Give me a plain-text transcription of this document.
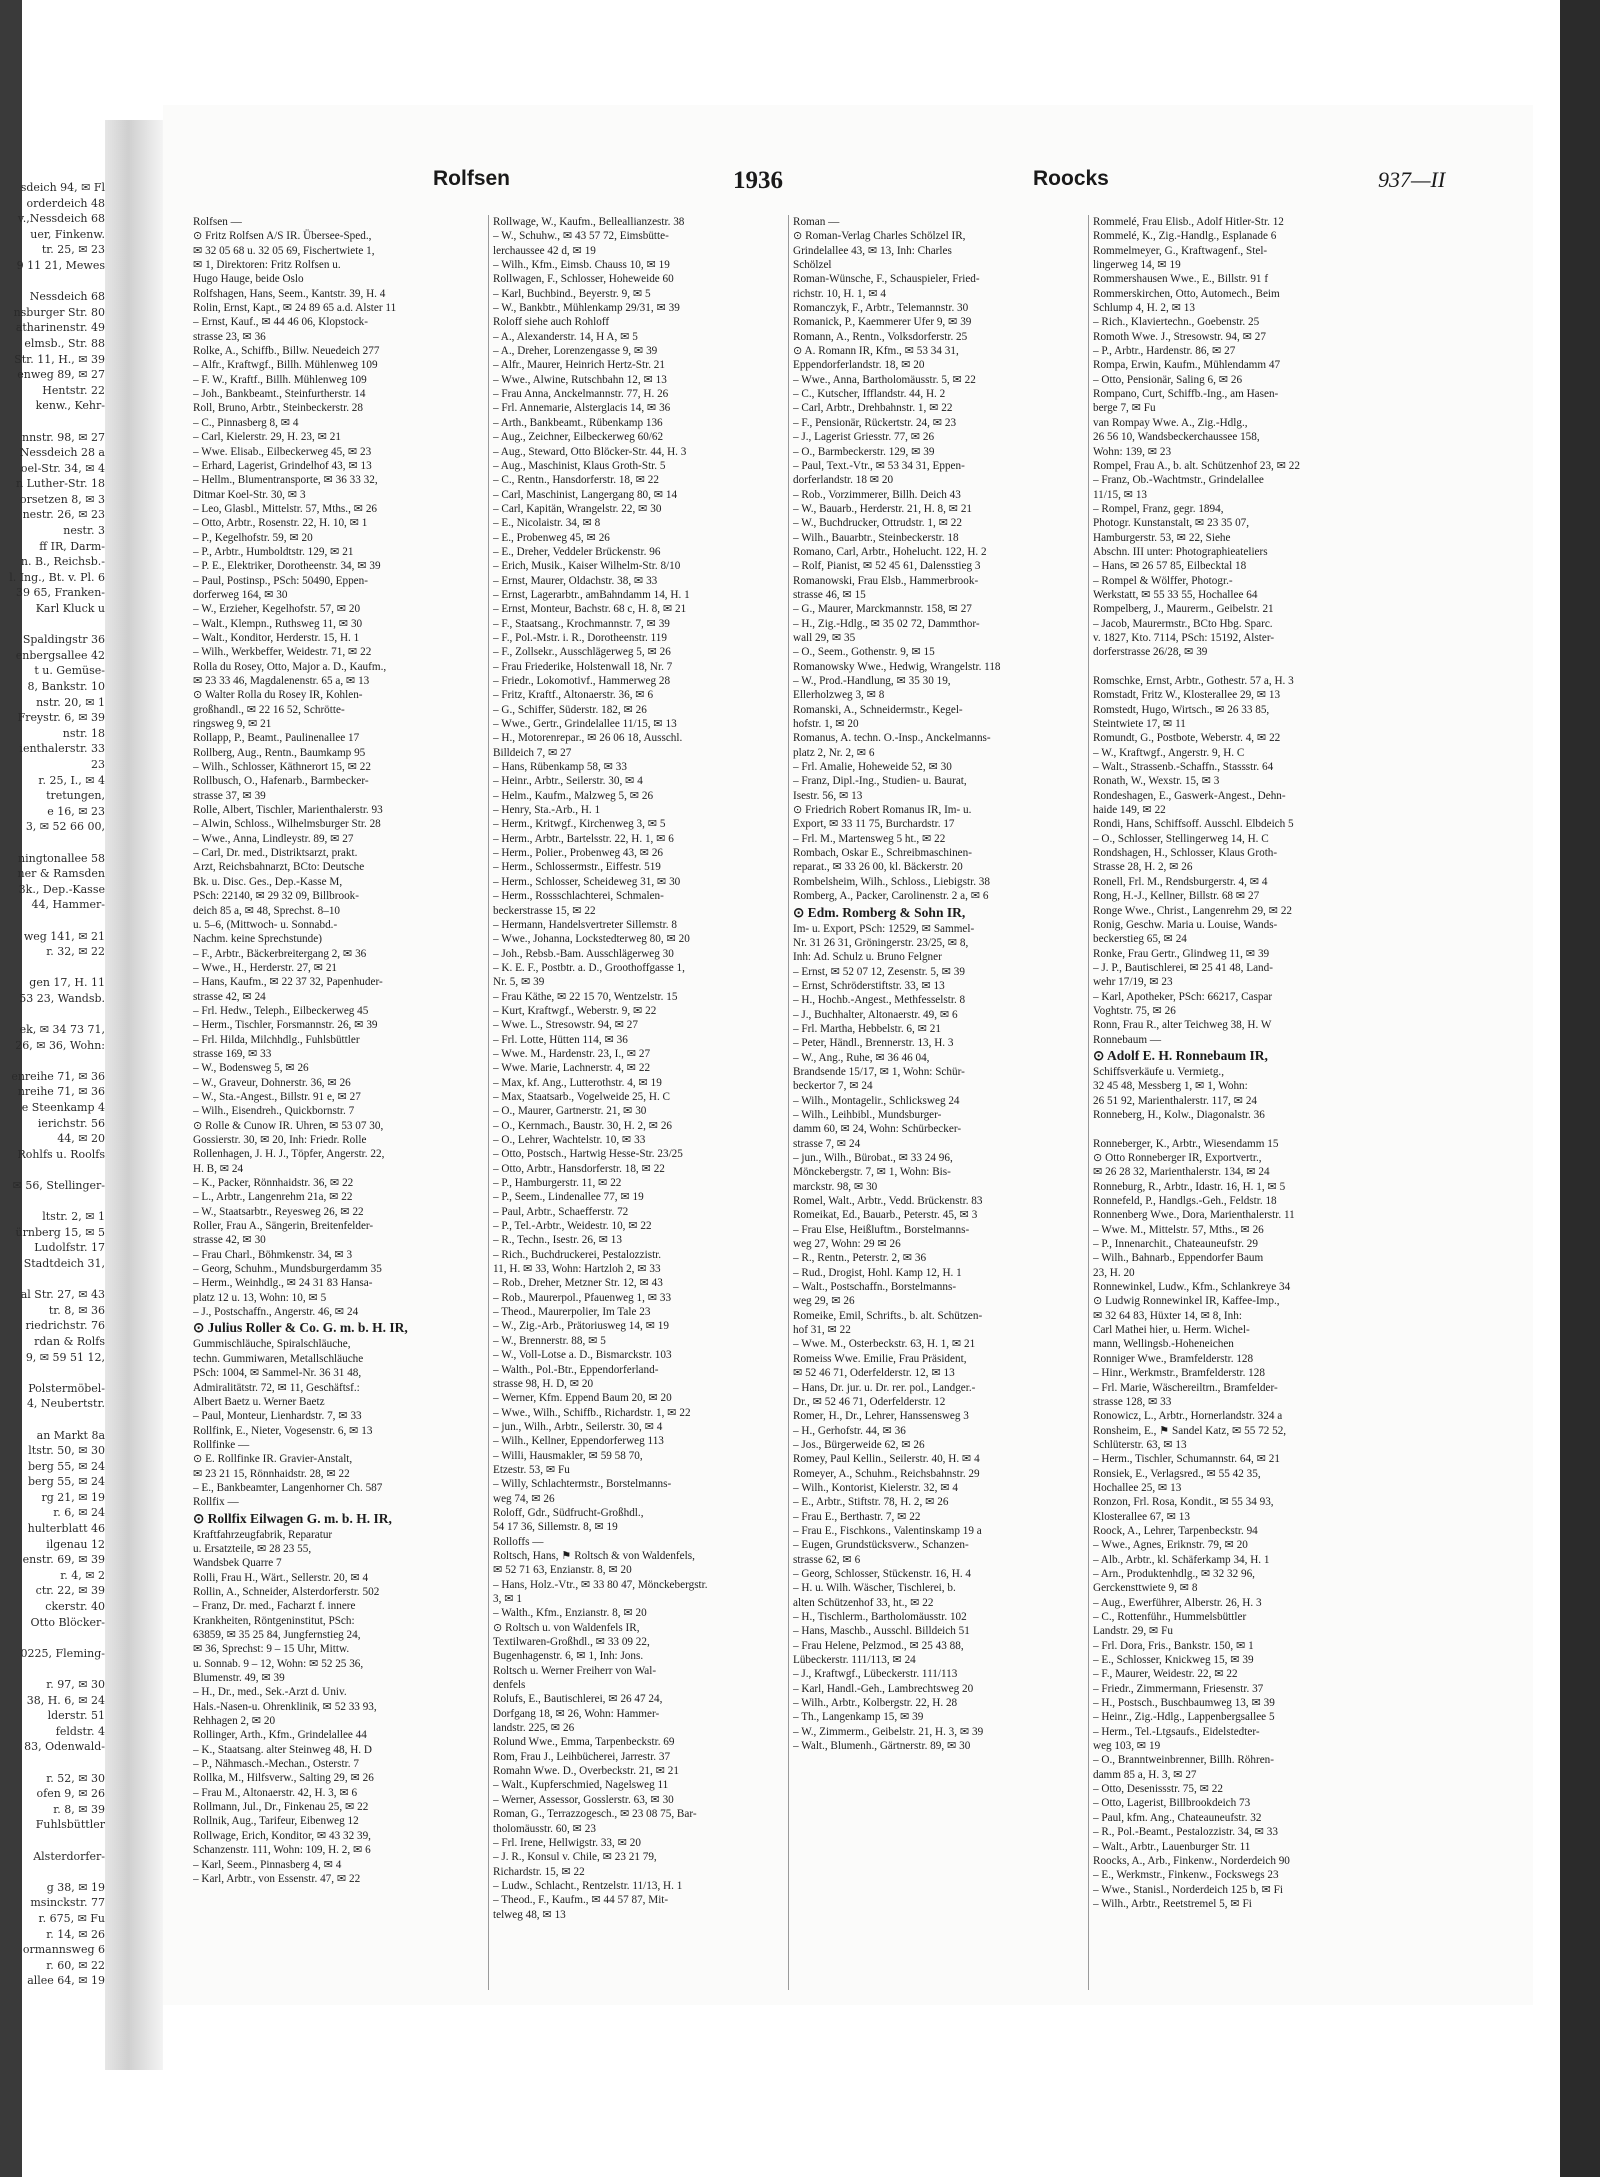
sdeich 94, ✉ Fl
orderdeich 48
v.,Nessdeich 68
uer, Finkenw.
tr. 25, ✉ 23
9 11 21, Mewes

Nessdeich 68
nsburger Str. 80
atharinenstr. 49
elmsb., Str. 88
Str. 11, H., ✉ 39
enweg 89, ✉ 27
Hentstr. 22
kenw., Kehr-

nnstr. 98, ✉ 27
Nessdeich 28 a
oel-Str. 34, ✉ 4
n Luther-Str. 18
orsetzen 8, ✉ 3
nestr. 26, ✉ 23
nestr. 3
ff IR, Darm-
n. B., Reichsb.-
l. Ing., Bt. v. Pl. 6
39 65, Franken-
Karl Kluck u

Spaldingstr 36
enbergsallee 42
t u. Gemüse-
8, Bankstr. 10
nstr. 20, ✉ 1
Freystr. 6, ✉ 39
nstr. 18
ienthalerstr. 33
23
r. 25, I., ✉ 4
tretungen,
e 16, ✉ 23
3, ✉ 52 66 00,

ningtonallee 58
ner & Ramsden
3k., Dep.-Kasse
44, Hammer-

weg 141, ✉ 21
r. 32, ✉ 22

gen 17, H. 11
53 23, Wandsb.

ek, ✉ 34 73 71,
26, ✉ 36, Wohn:

enreihe 71, ✉ 36
nreihe 71, ✉ 36
e Steenkamp 4
ierichstr. 56
44, ✉ 20
Rohlfs u. Roolfs

✉ 56, Stellinger-

ltstr. 2, ✉ 1
ürnberg 15, ✉ 5
Ludolfstr. 17
Stadtdeich 31,

al Str. 27, ✉ 43
tr. 8, ✉ 36
riedrichstr. 76
rdan & Rolfs
9, ✉ 59 51 12,

Polstermöbel-
4, Neubertstr.

an Markt 8a
ltstr. 50, ✉ 30
berg 55, ✉ 24
berg 55, ✉ 24
rg 21, ✉ 19
r. 6, ✉ 24
hulterblatt 46
ilgenau 12
enstr. 69, ✉ 39
r. 4, ✉ 2
ctr. 22, ✉ 39
ckerstr. 40
Otto Blöcker-

0225, Fleming-

r. 97, ✉ 30
38, H. 6, ✉ 24
lderstr. 51
feldstr. 4
83, Odenwald-

r. 52, ✉ 30
ofen 9, ✉ 26
r. 8, ✉ 39
Fuhlsbüttler

Alsterdorfer-

g 38, ✉ 19
msinckstr. 77
r. 675, ✉ Fu
r. 14, ✉ 26
ormannsweg 6
r. 60, ✉ 22
allee 64, ✉ 19
Rolfsen	1936	Roocks	937—II
Rolfsen —
⊙ Fritz Rolfsen A/S IR. Übersee-Sped.,
✉ 32 05 68 u. 32 05 69, Fischertwiete 1,
✉ 1, Direktoren: Fritz Rolfsen u.
Hugo Hauge, beide Oslo
Rolfshagen, Hans, Seem., Kantstr. 39, H. 4
Rolin, Ernst, Kapt., ✉ 24 89 65 a.d. Alster 11
– Ernst, Kauf., ✉ 44 46 06, Klopstock-
strasse 23, ✉ 36
Rolke, A., Schiffb., Billw. Neuedeich 277
– Alfr., Kraftwgf., Billh. Mühlenweg 109
– F. W., Kraftf., Billh. Mühlenweg 109
– Joh., Bankbeamt., Steinfurtherstr. 14
Roll, Bruno, Arbtr., Steinbeckerstr. 28
– C., Pinnasberg 8, ✉ 4
– Carl, Kielerstr. 29, H. 23, ✉ 21
– Wwe. Elisab., Eilbeckerweg 45, ✉ 23
– Erhard, Lagerist, Grindelhof 43, ✉ 13
– Hellm., Blumentransporte, ✉ 36 33 32,
Ditmar Koel-Str. 30, ✉ 3
– Leo, Glasbl., Mittelstr. 57, Mths., ✉ 26
– Otto, Arbtr., Rosenstr. 22, H. 10, ✉ 1
– P., Kegelhofstr. 59, ✉ 20
– P., Arbtr., Humboldtstr. 129, ✉ 21
– P. E., Elektriker, Dorotheenstr. 34, ✉ 39
– Paul, Postinsp., PSch: 50490, Eppen-
dorferweg 164, ✉ 30
– W., Erzieher, Kegelhofstr. 57, ✉ 20
– Walt., Klempn., Ruthsweg 11, ✉ 30
– Walt., Konditor, Herderstr. 15, H. 1
– Wilh., Werkbeffer, Weidestr. 71, ✉ 22
Rolla du Rosey, Otto, Major a. D., Kaufm.,
✉ 23 33 46, Magdalenenstr. 65 a, ✉ 13
⊙ Walter Rolla du Rosey IR, Kohlen-
großhandl., ✉ 22 16 52, Schrötte-
ringsweg 9, ✉ 21
Rollapp, P., Beamt., Paulinenallee 17
Rollberg, Aug., Rentn., Baumkamp 95
– Wilh., Schlosser, Käthnerort 15, ✉ 22
Rollbusch, O., Hafenarb., Barmbecker-
strasse 37, ✉ 39
Rolle, Albert, Tischler, Marienthalerstr. 93
– Alwin, Schloss., Wilhelmsburger Str. 28
– Wwe., Anna, Lindleystr. 89, ✉ 27
– Carl, Dr. med., Distriktsarzt, prakt.
Arzt, Reichsbahnarzt, BCto: Deutsche
Bk. u. Disc. Ges., Dep.-Kasse M,
PSch: 22140, ✉ 29 32 09, Billbrook-
deich 85 a, ✉ 48, Sprechst. 8–10
u. 5–6, (Mittwoch- u. Sonnabd.-
Nachm. keine Sprechstunde)
– F., Arbtr., Bäckerbreitergang 2, ✉ 36
– Wwe., H., Herderstr. 27, ✉ 21
– Hans, Kaufm., ✉ 22 37 32, Papenhuder-
strasse 42, ✉ 24
– Frl. Hedw., Teleph., Eilbeckerweg 45
– Herm., Tischler, Forsmannstr. 26, ✉ 39
– Frl. Hilda, Milchhdlg., Fuhlsbüttler
strasse 169, ✉ 33
– W., Bodensweg 5, ✉ 26
– W., Graveur, Dohnerstr. 36, ✉ 26
– W., Sta.-Angest., Billstr. 91 e, ✉ 27
– Wilh., Eisendreh., Quickbornstr. 7
⊙ Rolle & Cunow IR. Uhren, ✉ 53 07 30,
Gossierstr. 30, ✉ 20, Inh: Friedr. Rolle
Rollenhagen, J. H. J., Töpfer, Angerstr. 22,
H. B, ✉ 24
– K., Packer, Rönnhaidstr. 36, ✉ 22
– L., Arbtr., Langenrehm 21a, ✉ 22
– W., Staatsarbtr., Reyesweg 26, ✉ 22
Roller, Frau A., Sängerin, Breitenfelder-
strasse 42, ✉ 30
– Frau Charl., Böhmkenstr. 34, ✉ 3
– Georg, Schuhm., Mundsburgerdamm 35
– Herm., Weinhdlg., ✉ 24 31 83 Hansa-
platz 12 u. 13, Wohn: 10, ✉ 5
– J., Postschaffn., Angerstr. 46, ✉ 24
⊙ Julius Roller & Co. G. m. b. H. IR,
Gummischläuche, Spiralschläuche,
techn. Gummiwaren, Metallschläuche
PSch: 1004, ✉ Sammel-Nr. 36 31 48,
Admiralitätstr. 72, ✉ 11, Geschäftsf.:
Albert Baetz u. Werner Baetz
– Paul, Monteur, Lienhardstr. 7, ✉ 33
Rollfink, E., Nieter, Vogesenstr. 6, ✉ 13
Rollfinke —
⊙ E. Rollfinke IR. Gravier-Anstalt,
✉ 23 21 15, Rönnhaidstr. 28, ✉ 22
– E., Bankbeamter, Langenhorner Ch. 587
Rollfix —
⊙ Rollfix Eilwagen G. m. b. H. IR,
Kraftfahrzeugfabrik, Reparatur
u. Ersatzteile, ✉ 28 23 55,
Wandsbek Quarre 7
Rolli, Frau H., Wärt., Sellerstr. 20, ✉ 4
Rollin, A., Schneider, Alsterdorferstr. 502
– Franz, Dr. med., Facharzt f. innere
Krankheiten, Röntgeninstitut, PSch:
63859, ✉ 35 25 84, Jungfernstieg 24,
✉ 36, Sprechst: 9 – 15 Uhr, Mittw.
u. Sonnab. 9 – 12, Wohn: ✉ 52 25 36,
Blumenstr. 49, ✉ 39
– H., Dr., med., Sek.-Arzt d. Univ.
Hals.-Nasen-u. Ohrenklinik, ✉ 52 33 93,
Rehhagen 2, ✉ 20
Rollinger, Arth., Kfm., Grindelallee 44
– K., Staatsang. alter Steinweg 48, H. D
– P., Nähmasch.-Mechan., Osterstr. 7
Rollka, M., Hilfsverw., Salting 29, ✉ 26
– Frau M., Altonaerstr. 42, H. 3, ✉ 6
Rollmann, Jul., Dr., Finkenau 25, ✉ 22
Rollnik, Aug., Tarifeur, Eibenweg 12
Rollwage, Erich, Konditor, ✉ 43 32 39,
Schanzenstr. 111, Wohn: 109, H. 2, ✉ 6
– Karl, Seem., Pinnasberg 4, ✉ 4
– Karl, Arbtr., von Essenstr. 47, ✉ 22
Rollwage, W., Kaufm., Belleallianzestr. 38
– W., Schuhw., ✉ 43 57 72, Eimsbütte-
lerchaussee 42 d, ✉ 19
– Wilh., Kfm., Eimsb. Chauss 10, ✉ 19
Rollwagen, F., Schlosser, Hoheweide 60
– Karl, Buchbind., Beyerstr. 9, ✉ 5
– W., Bankbtr., Mühlenkamp 29/31, ✉ 39
Roloff siehe auch Rohloff
– A., Alexanderstr. 14, H A, ✉ 5
– A., Dreher, Lorenzengasse 9, ✉ 39
– Alfr., Maurer, Heinrich Hertz-Str. 21
– Wwe., Alwine, Rutschbahn 12, ✉ 13
– Frau Anna, Anckelmannstr. 77, H. 26
– Frl. Annemarie, Alsterglacis 14, ✉ 36
– Arth., Bankbeamt., Rübenkamp 136
– Aug., Zeichner, Eilbeckerweg 60/62
– Aug., Steward, Otto Blöcker-Str. 44, H. 3
– Aug., Maschinist, Klaus Groth-Str. 5
– C., Rentn., Hansdorferstr. 18, ✉ 22
– Carl, Maschinist, Langergang 80, ✉ 14
– Carl, Kapitän, Wrangelstr. 22, ✉ 30
– E., Nicolaistr. 34, ✉ 8
– E., Probenweg 45, ✉ 26
– E., Dreher, Veddeler Brückenstr. 96
– Erich, Musik., Kaiser Wilhelm-Str. 8/10
– Ernst, Maurer, Oldachstr. 38, ✉ 33
– Ernst, Lagerarbtr., amBahndamm 14, H. 1
– Ernst, Monteur, Bachstr. 68 c, H. 8, ✉ 21
– F., Staatsang., Krochmannstr. 7, ✉ 39
– F., Pol.-Mstr. i. R., Dorotheenstr. 119
– F., Zollsekr., Ausschlägerweg 5, ✉ 26
– Frau Friederike, Holstenwall 18, Nr. 7
– Friedr., Lokomotivf., Hammerweg 28
– Fritz, Kraftf., Altonaerstr. 36, ✉ 6
– G., Schiffer, Süderstr. 182, ✉ 26
– Wwe., Gertr., Grindelallee 11/15, ✉ 13
– H., Motorenrepar., ✉ 26 06 18, Ausschl.
Billdeich 7, ✉ 27
– Hans, Rübenkamp 58, ✉ 33
– Heinr., Arbtr., Seilerstr. 30, ✉ 4
– Helm., Kaufm., Malzweg 5, ✉ 26
– Henry, Sta.-Arb., H. 1
– Herm., Kritwgf., Kirchenweg 3, ✉ 5
– Herm., Arbtr., Bartelsstr. 22, H. 1, ✉ 6
– Herm., Polier., Probenweg 43, ✉ 26
– Herm., Schlossermstr., Eiffestr. 519
– Herm., Schlosser, Scheideweg 31, ✉ 30
– Herm., Rossschlachterei, Schmalen-
beckerstrasse 15, ✉ 22
– Hermann, Handelsvertreter Sillemstr. 8
– Wwe., Johanna, Lockstedterweg 80, ✉ 20
– Joh., Rebsb.-Bam. Ausschlägerweg 30
– K. E. F., Postbtr. a. D., Groothoffgasse 1,
Nr. 5, ✉ 39
– Frau Käthe, ✉ 22 15 70, Wentzelstr. 15
– Kurt, Kraftwgf., Weberstr. 9, ✉ 22
– Wwe. L., Stresowstr. 94, ✉ 27
– Frl. Lotte, Hütten 114, ✉ 36
– Wwe. M., Hardenstr. 23, I., ✉ 27
– Wwe. Marie, Lachnerstr. 4, ✉ 22
– Max, kf. Ang., Lutterothstr. 4, ✉ 19
– Max, Staatsarb., Vogelweide 25, H. C
– O., Maurer, Gartnerstr. 21, ✉ 30
– O., Kernmach., Baustr. 30, H. 2, ✉ 26
– O., Lehrer, Wachtelstr. 10, ✉ 33
– Otto, Postsch., Hartwig Hesse-Str. 23/25
– Otto, Arbtr., Hansdorferstr. 18, ✉ 22
– P., Hamburgerstr. 11, ✉ 22
– P., Seem., Lindenallee 77, ✉ 19
– Paul, Arbtr., Schaefferstr. 72
– P., Tel.-Arbtr., Weidestr. 10, ✉ 22
– R., Techn., Isestr. 26, ✉ 13
– Rich., Buchdruckerei, Pestalozzistr.
11, H. ✉ 33, Wohn: Hartzloh 2, ✉ 33
– Rob., Dreher, Metzner Str. 12, ✉ 43
– Rob., Maurerpol., Pfauenweg 1, ✉ 33
– Theod., Maurerpolier, Im Tale 23
– W., Zig.-Arb., Prätoriusweg 14, ✉ 19
– W., Brennerstr. 88, ✉ 5
– W., Voll-Lotse a. D., Bismarckstr. 103
– Walth., Pol.-Btr., Eppendorferland-
strasse 98, H. D, ✉ 20
– Werner, Kfm. Eppend Baum 20, ✉ 20
– Wwe., Wilh., Schiffb., Richardstr. 1, ✉ 22
– jun., Wilh., Arbtr., Seilerstr. 30, ✉ 4
– Wilh., Kellner, Eppendorferweg 113
– Willi, Hausmakler, ✉ 59 58 70,
Etzestr. 53, ✉ Fu
– Willy, Schlachtermstr., Borstelmanns-
weg 74, ✉ 26
Roloff, Gdr., Südfrucht-Großhdl.,
54 17 36, Sillemstr. 8, ✉ 19
Rolloffs —
Roltsch, Hans, ⚑ Roltsch & von Waldenfels,
✉ 52 71 63, Enzianstr. 8, ✉ 20
– Hans, Holz.-Vtr., ✉ 33 80 47, Mönckebergstr.
3, ✉ 1
– Walth., Kfm., Enzianstr. 8, ✉ 20
⊙ Roltsch u. von Waldenfels IR,
Textilwaren-Großhdl., ✉ 33 09 22,
Bugenhagenstr. 6, ✉ 1, Inh: Jons.
Roltsch u. Werner Freiherr von Wal-
denfels
Rolufs, E., Bautischlerei, ✉ 26 47 24,
Dorfgang 18, ✉ 26, Wohn: Hammer-
landstr. 225, ✉ 26
Rolund Wwe., Emma, Tarpenbeckstr. 69
Rom, Frau J., Leihbücherei, Jarrestr. 37
Romahn Wwe. D., Overbeckstr. 21, ✉ 21
– Walt., Kupferschmied, Nagelsweg 11
– Werner, Assessor, Gosslerstr. 63, ✉ 30
Roman, G., Terrazzogesch., ✉ 23 08 75, Bar-
tholomäusstr. 60, ✉ 23
– Frl. Irene, Hellwigstr. 33, ✉ 20
– J. R., Konsul v. Chile, ✉ 23 21 79,
Richardstr. 15, ✉ 22
– Ludw., Schlacht., Rentzelstr. 11/13, H. 1
– Theod., F., Kaufm., ✉ 44 57 87, Mit-
telweg 48, ✉ 13
Roman —
⊙ Roman-Verlag Charles Schölzel IR,
Grindelallee 43, ✉ 13, Inh: Charles
Schölzel
Roman-Wünsche, F., Schauspieler, Fried-
richstr. 10, H. 1, ✉ 4
Romanczyk, F., Arbtr., Telemannstr. 30
Romanick, P., Kaemmerer Ufer 9, ✉ 39
Romann, A., Rentn., Volksdorferstr. 25
⊙ A. Romann IR, Kfm., ✉ 53 34 31,
Eppendorferlandstr. 18, ✉ 20
– Wwe., Anna, Bartholomäusstr. 5, ✉ 22
– C., Kutscher, Ifflandstr. 44, H. 2
– Carl, Arbtr., Drehbahnstr. 1, ✉ 22
– F., Pensionär, Rückertstr. 24, ✉ 23
– J., Lagerist Griesstr. 77, ✉ 26
– O., Barmbeckerstr. 129, ✉ 39
– Paul, Text.-Vtr., ✉ 53 34 31, Eppen-
dorferlandstr. 18 ✉ 20
– Rob., Vorzimmerer, Billh. Deich 43
– W., Bauarb., Herderstr. 21, H. 8, ✉ 21
– W., Buchdrucker, Ottrudstr. 1, ✉ 22
– Wilh., Bauarbtr., Steinbeckerstr. 18
Romano, Carl, Arbtr., Hohelucht. 122, H. 2
– Rolf, Pianist, ✉ 52 45 61, Dalensstieg 3
Romanowski, Frau Elsb., Hammerbrook-
strasse 46, ✉ 15
– G., Maurer, Marckmannstr. 158, ✉ 27
– H., Zig.-Hdlg., ✉ 35 02 72, Dammthor-
wall 29, ✉ 35
– O., Seem., Gothenstr. 9, ✉ 15
Romanowsky Wwe., Hedwig, Wrangelstr. 118
– W., Prod.-Handlung, ✉ 35 30 19,
Ellerholzweg 3, ✉ 8
Romanski, A., Schneidermstr., Kegel-
hofstr. 1, ✉ 20
Romanus, A. techn. O.-Insp., Anckelmanns-
platz 2, Nr. 2, ✉ 6
– Frl. Amalie, Hoheweide 52, ✉ 30
– Franz, Dipl.-Ing., Studien- u. Baurat,
Isestr. 56, ✉ 13
⊙ Friedrich Robert Romanus IR, Im- u.
Export, ✉ 33 11 75, Burchardstr. 17
– Frl. M., Martensweg 5 ht., ✉ 22
Rombach, Oskar E., Schreibmaschinen-
reparat., ✉ 33 26 00, kl. Bäckerstr. 20
Rombelsheim, Wilh., Schloss., Liebigstr. 38
Romberg, A., Packer, Carolinenstr. 2 a, ✉ 6
⊙ Edm. Romberg & Sohn IR,
Im- u. Export, PSch: 12529, ✉ Sammel-
Nr. 31 26 31, Gröningerstr. 23/25, ✉ 8,
Inh: Ad. Schulz u. Bruno Felgner
– Ernst, ✉ 52 07 12, Zesenstr. 5, ✉ 39
– Ernst, Schröderstiftstr. 33, ✉ 13
– H., Hochb.-Angest., Methfesselstr. 8
– J., Buchhalter, Altonaerstr. 49, ✉ 6
– Frl. Martha, Hebbelstr. 6, ✉ 21
– Peter, Händl., Brennerstr. 13, H. 3
– W., Ang., Ruhe, ✉ 36 46 04,
Brandsende 15/17, ✉ 1, Wohn: Schür-
beckertor 7, ✉ 24
– Wilh., Montagelir., Schlicksweg 24
– Wilh., Leihbibl., Mundsburger-
damm 60, ✉ 24, Wohn: Schürbecker-
strasse 7, ✉ 24
– jun., Wilh., Bürobat., ✉ 33 24 96,
Mönckebergstr. 7, ✉ 1, Wohn: Bis-
marckstr. 98, ✉ 30
Romel, Walt., Arbtr., Vedd. Brückenstr. 83
Romeikat, Ed., Bauarb., Peterstr. 45, ✉ 3
– Frau Else, Heißluftm., Borstelmanns-
weg 27, Wohn: 29 ✉ 26
– R., Rentn., Peterstr. 2, ✉ 36
– Rud., Drogist, Hohl. Kamp 12, H. 1
– Walt., Postschaffn., Borstelmanns-
weg 29, ✉ 26
Romeike, Emil, Schrifts., b. alt. Schützen-
hof 31, ✉ 22
– Wwe. M., Osterbeckstr. 63, H. 1, ✉ 21
Romeiss Wwe. Emilie, Frau Präsident,
✉ 52 46 71, Oderfelderstr. 12, ✉ 13
– Hans, Dr. jur. u. Dr. rer. pol., Landger.-
Dr., ✉ 52 46 71, Oderfelderstr. 12
Romer, H., Dr., Lehrer, Hanssensweg 3
– H., Gerhofstr. 44, ✉ 36
– Jos., Bürgerweide 62, ✉ 26
Romey, Paul Kellin., Seilerstr. 40, H. ✉ 4
Romeyer, A., Schuhm., Reichsbahnstr. 29
– Wilh., Kontorist, Kielerstr. 32, ✉ 4
– E., Arbtr., Stiftstr. 78, H. 2, ✉ 26
– Frau E., Berthastr. 7, ✉ 22
– Frau E., Fischkons., Valentinskamp 19 a
– Eugen, Grundstücksverw., Schanzen-
strasse 62, ✉ 6
– Georg, Schlosser, Stückenstr. 16, H. 4
– H. u. Wilh. Wäscher, Tischlerei, b.
alten Schützenhof 33, ht., ✉ 22
– H., Tischlerm., Bartholomäusstr. 102
– Hans, Maschb., Ausschl. Billdeich 51
– Frau Helene, Pelzmod., ✉ 25 43 88,
Lübeckerstr. 111/113, ✉ 24
– J., Kraftwgf., Lübeckerstr. 111/113
– Karl, Handl.-Geh., Lambrechtsweg 20
– Wilh., Arbtr., Kolbergstr. 22, H. 28
– Th., Langenkamp 15, ✉ 39
– W., Zimmerm., Geibelstr. 21, H. 3, ✉ 39
– Walt., Blumenh., Gärtnerstr. 89, ✉ 30
Rommelé, Frau Elisb., Adolf Hitler-Str. 12
Rommelé, K., Zig.-Handlg., Esplanade 6
Rommelmeyer, G., Kraftwagenf., Stel-
lingerweg 14, ✉ 19
Rommershausen Wwe., E., Billstr. 91 f
Rommerskirchen, Otto, Automech., Beim
Schlump 4, H. 2, ✉ 13
– Rich., Klaviertechn., Goebenstr. 25
Romoth Wwe. J., Stresowstr. 94, ✉ 27
– P., Arbtr., Hardenstr. 86, ✉ 27
Rompa, Erwin, Kaufm., Mühlendamm 47
– Otto, Pensionär, Saling 6, ✉ 26
Rompano, Curt, Schiffb.-Ing., am Hasen-
berge 7, ✉ Fu
van Rompay Wwe. A., Zig.-Hdlg.,
26 56 10, Wandsbeckerchaussee 158,
Wohn: 139, ✉ 23
Rompel, Frau A., b. alt. Schützenhof 23, ✉ 22
– Franz, Ob.-Wachtmstr., Grindelallee
11/15, ✉ 13
– Rompel, Franz, gegr. 1894,
Photogr. Kunstanstalt, ✉ 23 35 07,
Hamburgerstr. 53, ✉ 22, Siehe
Abschn. III unter: Photographieateliers
– Hans, ✉ 26 57 85, Eilbecktal 18
– Rompel & Wölffer, Photogr.-
Werkstatt, ✉ 55 33 55, Hochallee 64
Rompelberg, J., Maurerm., Geibelstr. 21
– Jacob, Maurermstr., BCto Hbg. Sparc.
v. 1827, Kto. 7114, PSch: 15192, Alster-
dorferstrasse 26/28, ✉ 39

Romschke, Ernst, Arbtr., Gothestr. 57 a, H. 3
Romstadt, Fritz W., Klosterallee 29, ✉ 13
Romstedt, Hugo, Wirtsch., ✉ 26 33 85,
Steintwiete 17, ✉ 11
Romundt, G., Postbote, Weberstr. 4, ✉ 22
– W., Kraftwgf., Angerstr. 9, H. C
– Walt., Strassenb.-Schaffn., Stassstr. 64
Ronath, W., Wexstr. 15, ✉ 3
Rondeshagen, E., Gaswerk-Angest., Dehn-
haide 149, ✉ 22
Rondi, Hans, Schiffsoff. Ausschl. Elbdeich 5
– O., Schlosser, Stellingerweg 14, H. C
Rondshagen, H., Schlosser, Klaus Groth-
Strasse 28, H. 2, ✉ 26
Ronell, Frl. M., Rendsburgerstr. 4, ✉ 4
Rong, H.-J., Kellner, Billstr. 68 ✉ 27
Ronge Wwe., Christ., Langenrehm 29, ✉ 22
Ronig, Geschw. Maria u. Louise, Wands-
beckerstieg 65, ✉ 24
Ronke, Frau Gertr., Glindweg 11, ✉ 39
– J. P., Bautischlerei, ✉ 25 41 48, Land-
wehr 17/19, ✉ 23
– Karl, Apotheker, PSch: 66217, Caspar
Voghtstr. 75, ✉ 26
Ronn, Frau R., alter Teichweg 38, H. W
Ronnebaum —
⊙ Adolf E. H. Ronnebaum IR,
Schiffsverkäufe u. Vermietg.,
32 45 48, Messberg 1, ✉ 1, Wohn:
26 51 92, Marienthalerstr. 117, ✉ 24
Ronneberg, H., Kolw., Diagonalstr. 36

Ronneberger, K., Arbtr., Wiesendamm 15
⊙ Otto Ronneberger IR, Exportvertr.,
✉ 26 28 32, Marienthalerstr. 134, ✉ 24
Ronneburg, R., Arbtr., Idastr. 16, H. 1, ✉ 5
Ronnefeld, P., Handlgs.-Geh., Feldstr. 18
Ronnenberg Wwe., Dora, Marienthalerstr. 11
– Wwe. M., Mittelstr. 57, Mths., ✉ 26
– P., Innenarchit., Chateauneufstr. 29
– Wilh., Bahnarb., Eppendorfer Baum
23, H. 20
Ronnewinkel, Ludw., Kfm., Schlankreye 34
⊙ Ludwig Ronnewinkel IR, Kaffee-Imp.,
✉ 32 64 83, Hüxter 14, ✉ 8, Inh:
Carl Mathei hier, u. Herm. Wichel-
mann, Wellingsb.-Hoheneichen
Ronniger Wwe., Bramfelderstr. 128
– Hinr., Werkmstr., Bramfelderstr. 128
– Frl. Marie, Wäschereiltrn., Bramfelder-
strasse 128, ✉ 33
Ronowicz, L., Arbtr., Hornerlandstr. 324 a
Ronsheim, E., ⚑ Sandel Katz, ✉ 55 72 52,
Schlüterstr. 63, ✉ 13
– Herm., Tischler, Schumannstr. 64, ✉ 21
Ronsiek, E., Verlagsred., ✉ 55 42 35,
Hochallee 25, ✉ 13
Ronzon, Frl. Rosa, Kondit., ✉ 55 34 93,
Klosterallee 67, ✉ 13
Roock, A., Lehrer, Tarpenbeckstr. 94
– Wwe., Agnes, Eriknstr. 79, ✉ 20
– Alb., Arbtr., kl. Schäferkamp 34, H. 1
– Arn., Produktenhdlg., ✉ 32 32 96,
Gerckensttwiete 9, ✉ 8
– Aug., Ewerführer, Alberstr. 26, H. 3
– C., Rottenführ., Hummelsbüttler
Landstr. 29, ✉ Fu
– Frl. Dora, Fris., Bankstr. 150, ✉ 1
– E., Schlosser, Knickweg 15, ✉ 39
– F., Maurer, Weidestr. 22, ✉ 22
– Friedr., Zimmermann, Friesenstr. 37
– H., Postsch., Buschbaumweg 13, ✉ 39
– Heinr., Zig.-Hdlg., Lappenbergsallee 5
– Herm., Tel.-Ltgsaufs., Eidelstedter-
weg 103, ✉ 19
– O., Branntweinbrenner, Billh. Röhren-
damm 85 a, H. 3, ✉ 27
– Otto, Desenissstr. 75, ✉ 22
– Otto, Lagerist, Billbrookdeich 73
– Paul, kfm. Ang., Chateauneufstr. 32
– R., Pol.-Beamt., Pestalozzistr. 34, ✉ 33
– Walt., Arbtr., Lauenburger Str. 11
Roocks, A., Arb., Finkenw., Norderdeich 90
– E., Werkmstr., Finkenw., Fockswegs 23
– Wwe., Stanisl., Norderdeich 125 b, ✉ Fi
– Wilh., Arbtr., Reetstremel 5, ✉ Fi
